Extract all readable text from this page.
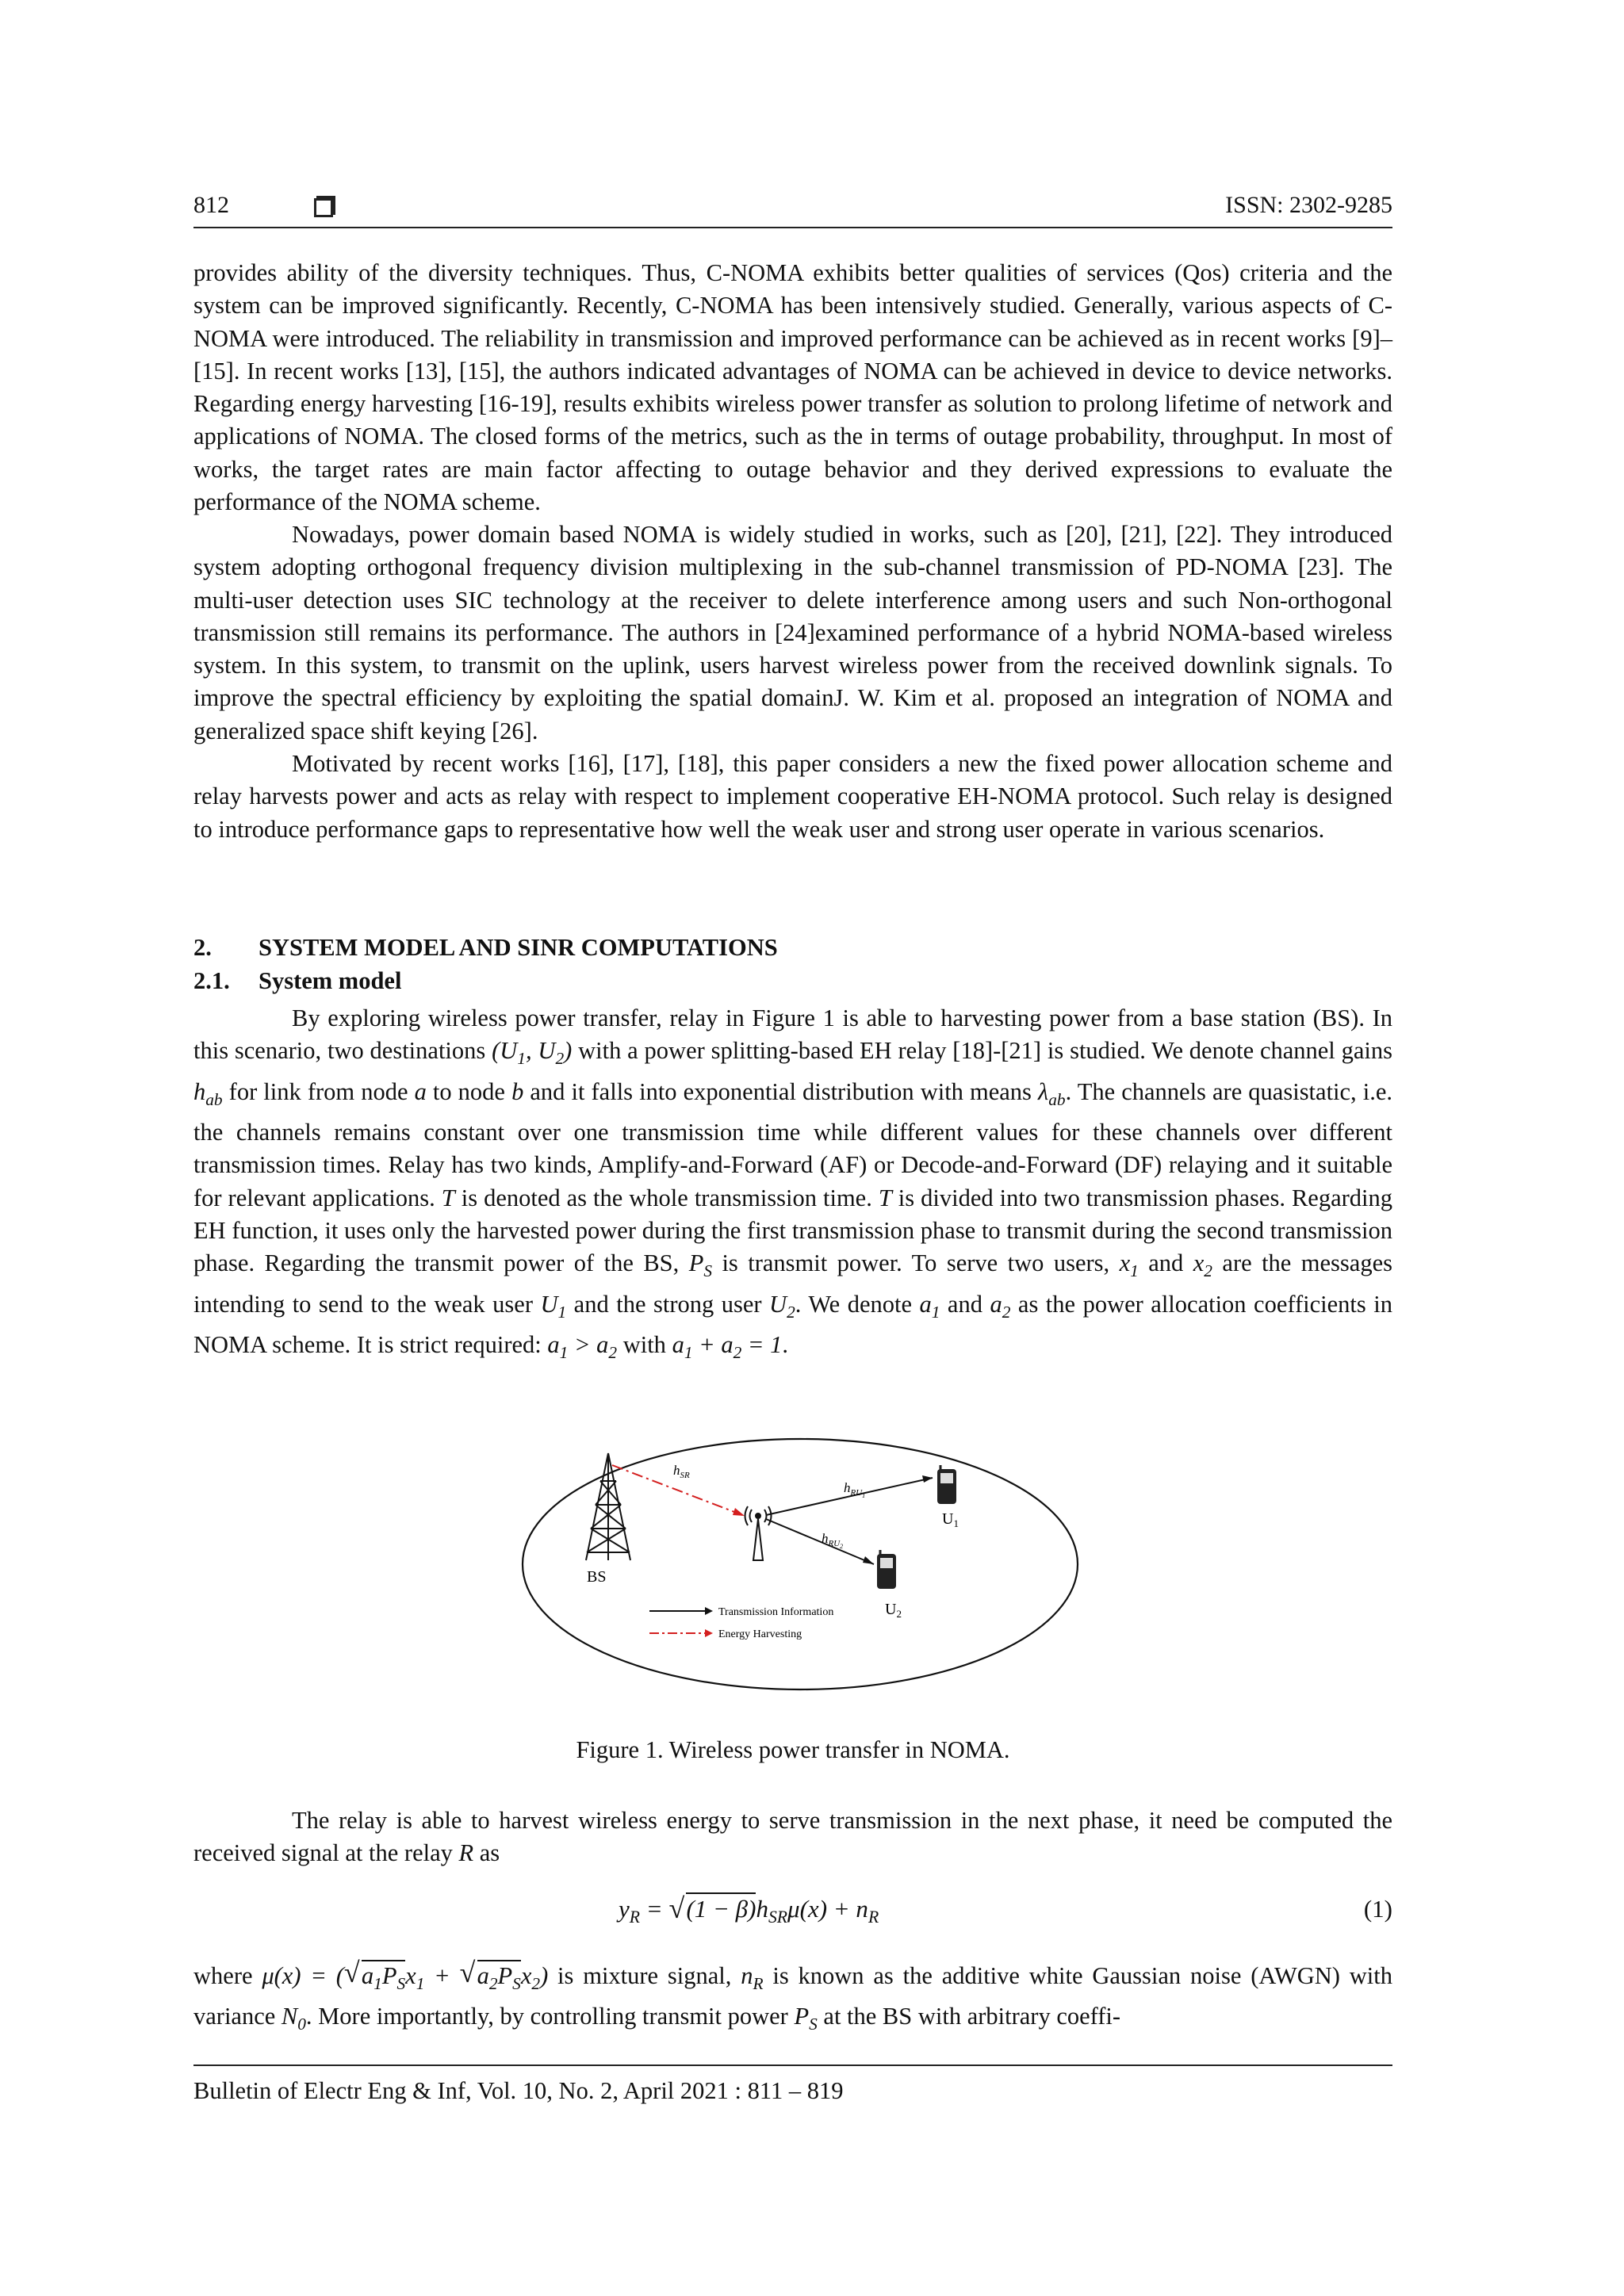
812	ISSN: 2302-9285

provides ability of the diversity techniques. Thus, C-NOMA exhibits better qualities of services (Qos) criteria and the system can be improved significantly. Recently, C-NOMA has been intensively studied. Generally, various aspects of C-NOMA were introduced. The reliability in transmission and improved performance can be achieved as in recent works [9]–[15]. In recent works [13], [15], the authors indicated advantages of NOMA can be achieved in device to device networks. Regarding energy harvesting [16-19], results exhibits wireless power transfer as solution to prolong lifetime of network and applications of NOMA. The closed forms of the metrics, such as the in terms of outage probability, throughput. In most of works, the target rates are main factor affecting to outage behavior and they derived expressions to evaluate the performance of the NOMA scheme.

Nowadays, power domain based NOMA is widely studied in works, such as [20], [21], [22]. They introduced system adopting orthogonal frequency division multiplexing in the sub-channel transmission of PD-NOMA [23]. The multi-user detection uses SIC technology at the receiver to delete interference among users and such Non-orthogonal transmission still remains its performance. The authors in [24]examined performance of a hybrid NOMA-based wireless system. In this system, to transmit on the uplink, users harvest wireless power from the received downlink signals. To improve the spectral efficiency by exploiting the spatial domainJ. W. Kim et al. proposed an integration of NOMA and generalized space shift keying [26].

Motivated by recent works [16], [17], [18], this paper considers a new the fixed power allocation scheme and relay harvests power and acts as relay with respect to implement cooperative EH-NOMA protocol. Such relay is designed to introduce performance gaps to representative how well the weak user and strong user operate in various scenarios.

2. SYSTEM MODEL AND SINR COMPUTATIONS
2.1. System model

By exploring wireless power transfer, relay in Figure 1 is able to harvesting power from a base station (BS). In this scenario, two destinations ($U_1$, $U_2$) with a power splitting-based EH relay [18]-[21] is studied. We denote channel gains $h_{ab}$ for link from node a to node b and it falls into exponential distribution with means $\lambda_{ab}$. The channels are quasistatic, i.e. the channels remains constant over one transmission time while different values for these channels over different transmission times. Relay has two kinds, Amplify-and-Forward (AF) or Decode-and-Forward (DF) relaying and it suitable for relevant applications. T is denoted as the whole transmission time. T is divided into two transmission phases. Regarding EH function, it uses only the harvested power during the first transmission phase to transmit during the second transmission phase. Regarding the transmit power of the BS, $P_S$ is transmit power. To serve two users, $x_1$ and $x_2$ are the messages intending to send to the weak user $U_1$ and the strong user $U_2$. We denote $a_1$ and $a_2$ as the power allocation coefficients in NOMA scheme. It is strict required: $a_1 > a_2$ with $a_1 + a_2 = 1$.

$h_{SR}$
$h_{RU}1$
$h_{RU}2$
BS
$U_1$
$U_2$
Transmission Information
Energy Harvesting
Figure 1. Wireless power transfer in NOMA.

The relay is able to harvest wireless energy to serve transmission in the next phase, it need be computed the received signal at the relay R as

$y_R$ = √ $(1 - \beta)h_{SR}\mu(x) + n_R$	(1)

where μ(x) = (√ $a_1P_Sx_1$ + √ $a_2P_Sx_2$) is mixture signal, $n_R$ is known as the additive white Gaussian noise (AWGN) with variance $N_0$. More importantly, by controlling transmit power $P_S$ at the BS with arbitrary coeffi-

Bulletin of Electr Eng & Inf, Vol. 10, No. 2, April 2021 : 811 – 819
